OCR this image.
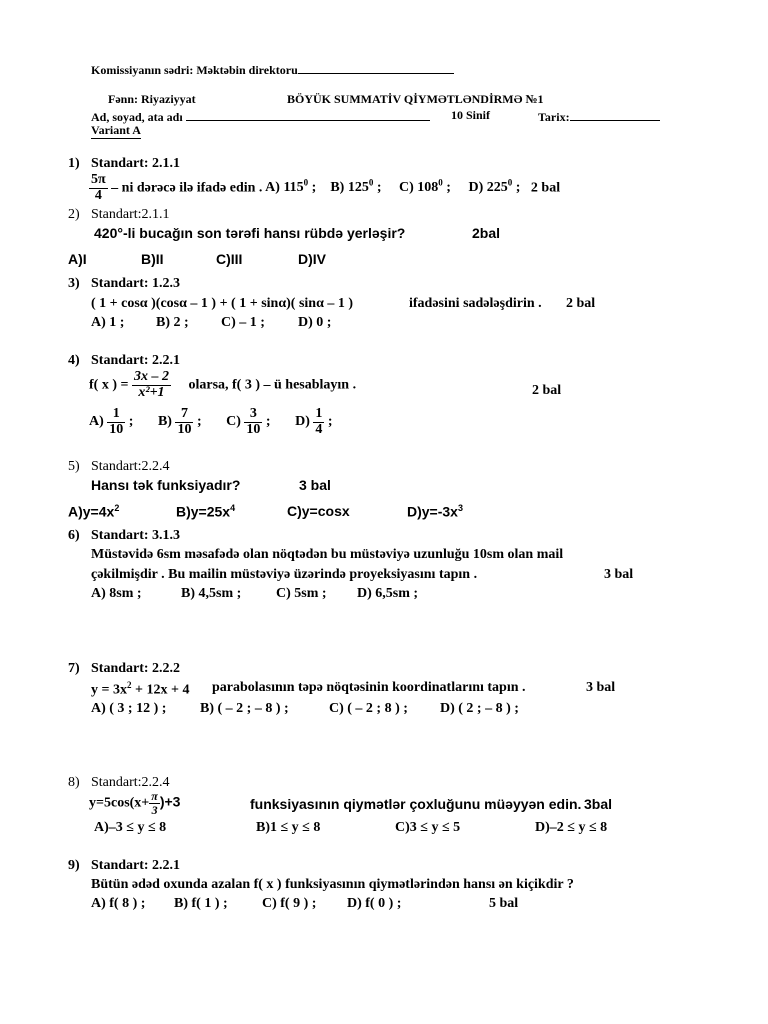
Komissiyanın sədri: Məktəbin direktoru
Fənn: Riyaziyyat	BÖYÜK SUMMATİV QİYMƏTLƏNDİRMƏ №1
Ad, soyad, ata adı	10 Sinif	Tarix:
Variant A
1) Standart: 2.1.1
$\frac{5\pi}{4}$ – ni dərəcə ilə ifadə edin . A) $115^0$ ; B) $125^0$ ; C) $108^0$ ; D) $225^0$ ; 2 bal
2) Standart:2.1.1
420°-li bucağın son tərəfi hansı rübdə yerləşir?	2bal
A)I	B)II	C)III	D)IV
3) Standart: 1.2.3
( 1 + cosα )(cosα – 1 ) + ( 1 + sinα)( sinα – 1 )	ifadəsini sadələşdirin . 2 bal
A) 1 ; B) 2 ; C) – 1 ; D) 0 ;
4) Standart: 2.2.1
f( x ) = $\frac{3x - 2}{\text{x²+1}}$ olarsa, f( 3 ) – ü hesablayın .	2 bal
$A) \frac{1}{10}$ ; $B) \frac{7}{10}$ ; $C) \frac{3}{10}$ ; $D) \frac{1}{4}$ ;
5) Standart:2.2.4
Hansı tək funksiyadır?	3 bal
$A)y=4x^2$	$B)y=25x^4$	C)y=cosx	$D)y=-3x^3$
6) Standart: 3.1.3
Müstəvidə 6sm məsafədə olan nöqtədən bu müstəviyə uzunluğu 10sm olan mail
çəkilmişdir . Bu mailin müstəviyə üzərində proyeksiyasını tapın .	3 bal
A) 8sm ;	B) 4,5sm ; C) 5sm ; D) 6,5sm ;
7) Standart: 2.2.2
$y = 3x^2 + 12x + 4$ parabolasının təpə nöqtəsinin koordinatlarını tapın .	3 bal
A) ( 3 ; 12 ) ; B) ( – 2 ; – 8 ) ;	C) ( – 2 ; 8 ) ; D) ( 2 ; – 8 ) ;
8) Standart:2.2.4
$y=5\cos(x+ \frac{\pi}{3} )+3$	funksiyasının qiymətlər çoxluğunu müəyyən edin. 3bal
A)–3 ≤ y ≤ 8	B)1 ≤ y ≤ 8	C)3 ≤ y ≤ 5	D)–2 ≤ y ≤ 8
9) Standart: 2.2.1
Bütün ədəd oxunda azalan f( x ) funksiyasının qiymətlərindən hansı ən kiçikdir ?
A) f( 8 ) ; B) f( 1 ) ; C) f( 9 ) ; D) f( 0 ) ;	5 bal
